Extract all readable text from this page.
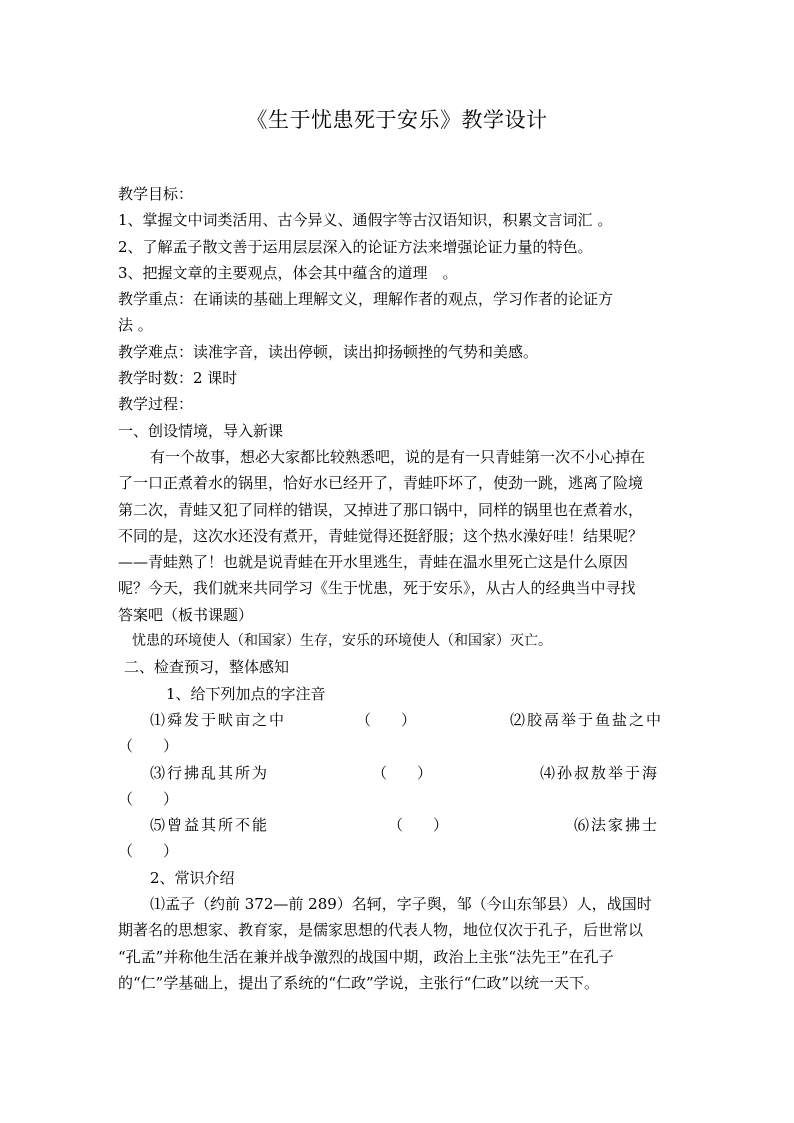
《生于忧患死于安乐》教学设计
教学目标：
1、掌握文中词类活用、古今异义、通假字等古汉语知识，积累文言词汇 。
2、了解孟子散文善于运用层层深入的论证方法来增强论证力量的特色。
3、把握文章的主要观点，体会其中蕴含的道理　。
教学重点：在诵读的基础上理解文义，理解作者的观点，学习作者的论证方
法 。
教学难点：读准字音，读出停顿，读出抑扬顿挫的气势和美感。
教学时数：2 课时
教学过程：
一、创设情境，导入新课
有一个故事，想必大家都比较熟悉吧，说的是有一只青蛙第一次不小心掉在
了一口正煮着水的锅里，恰好水已经开了，青蛙吓坏了，使劲一跳，逃离了险境
第二次，青蛙又犯了同样的错误，又掉进了那口锅中，同样的锅里也在煮着水，
不同的是，这次水还没有煮开，青蛙觉得还挺舒服；这个热水澡好哇！结果呢？
——青蛙熟了！也就是说青蛙在开水里逃生，青蛙在温水里死亡这是什么原因
呢？今天，我们就来共同学习《生于忧患，死于安乐》，从古人的经典当中寻找
答案吧（板书课题）
忧患的环境使人（和国家）生存，安乐的环境使人（和国家）灭亡。
二、检查预习，整体感知
1、给下列加点的字注音
⑴舜发于畎亩之中	（　　）	⑵胶鬲举于鱼盐之中
（　　）
⑶行拂乱其所为	（　　）	⑷孙叔敖举于海
（　　）
⑸曾益其所不能	（　　）	⑹法家拂士
（　　）
2、常识介绍
⑴孟子（约前 372—前 289）名轲，字子舆，邹（今山东邹县）人，战国时
期著名的思想家、教育家，是儒家思想的代表人物，地位仅次于孔子，后世常以
“孔孟”并称他生活在兼并战争激烈的战国中期，政治上主张“法先王”在孔子
的“仁”学基础上，提出了系统的“仁政”学说，主张行“仁政”以统一天下。
